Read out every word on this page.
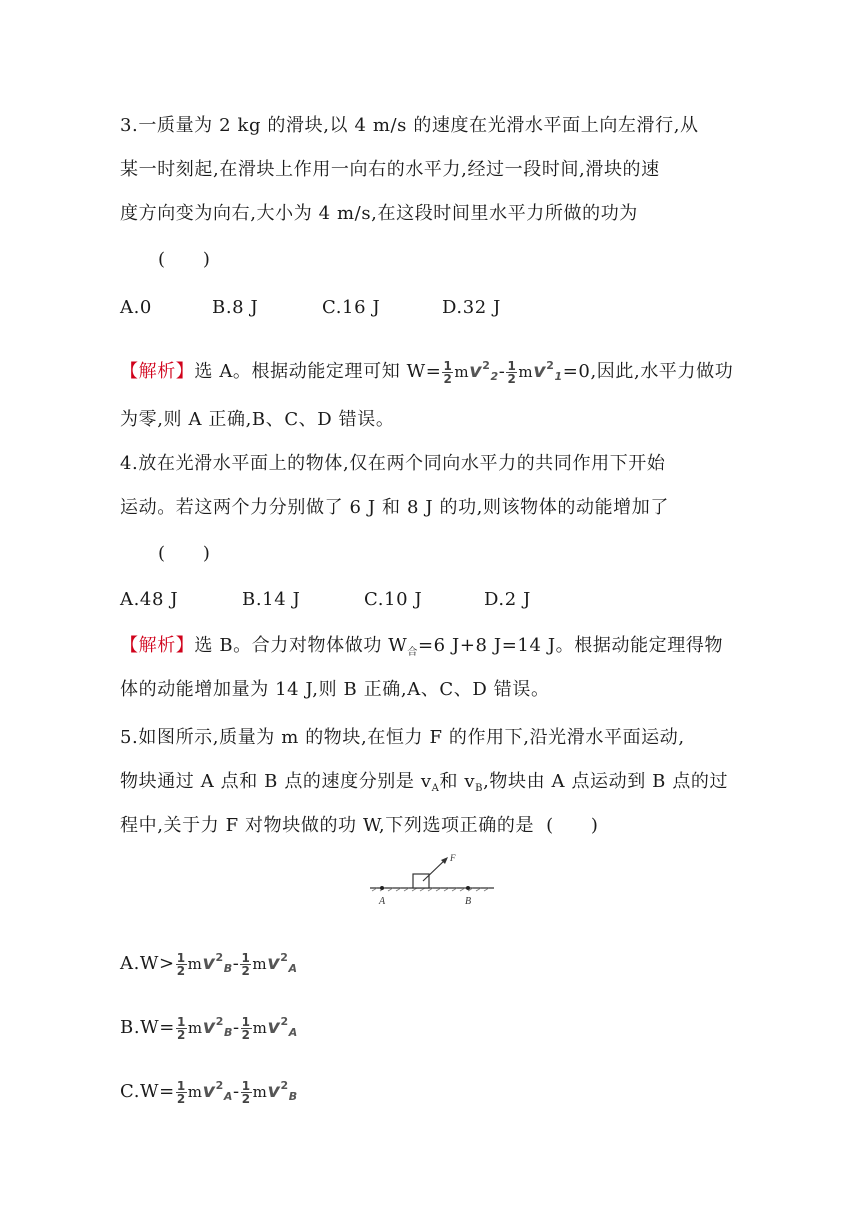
3.一质量为 2 kg 的滑块,以 4 m/s 的速度在光滑水平面上向左滑行,从
某一时刻起,在滑块上作用一向右的水平力,经过一段时间,滑块的速
度方向变为向右,大小为 4 m/s,在这段时间里水平力所做的功为
(　　)
A.0	B.8 J	C.16 J	D.32 J
【解析】选 A。根据动能定理可知 $W= \frac{1}{2} mv^2_2- \frac{1}{2} mv^2_1=0$,因此,水平力做功
为零,则 A 正确,B、C、D 错误。
4.放在光滑水平面上的物体,仅在两个同向水平力的共同作用下开始
运动。若这两个力分别做了 6 J 和 8 J 的功,则该物体的动能增加了
(　　)
A.48 J	B.14 J	C.10 J	D.2 J
【解析】选 B。合力对物体做功 $W_合=6$ J+8 J=14 J。根据动能定理得物
体的动能增加量为 14 J,则 B 正确,A、C、D 错误。
5.如图所示,质量为 m 的物块,在恒力 F 的作用下,沿光滑水平面运动,
物块通过 A 点和 B 点的速度分别是 $v_A$和 $v_B$,物块由 A 点运动到 B 点的过
程中,关于力 F 对物块做的功 W,下列选项正确的是 (　　)
F
A	B
$A.W> \frac{1}{2} mv^2_B- \frac{1}{2} mv^2_A$
$B.W= \frac{1}{2} mv^2_B- \frac{1}{2} mv^2_A$
$C.W= \frac{1}{2} mv^2_A- \frac{1}{2} mv^2_B$
